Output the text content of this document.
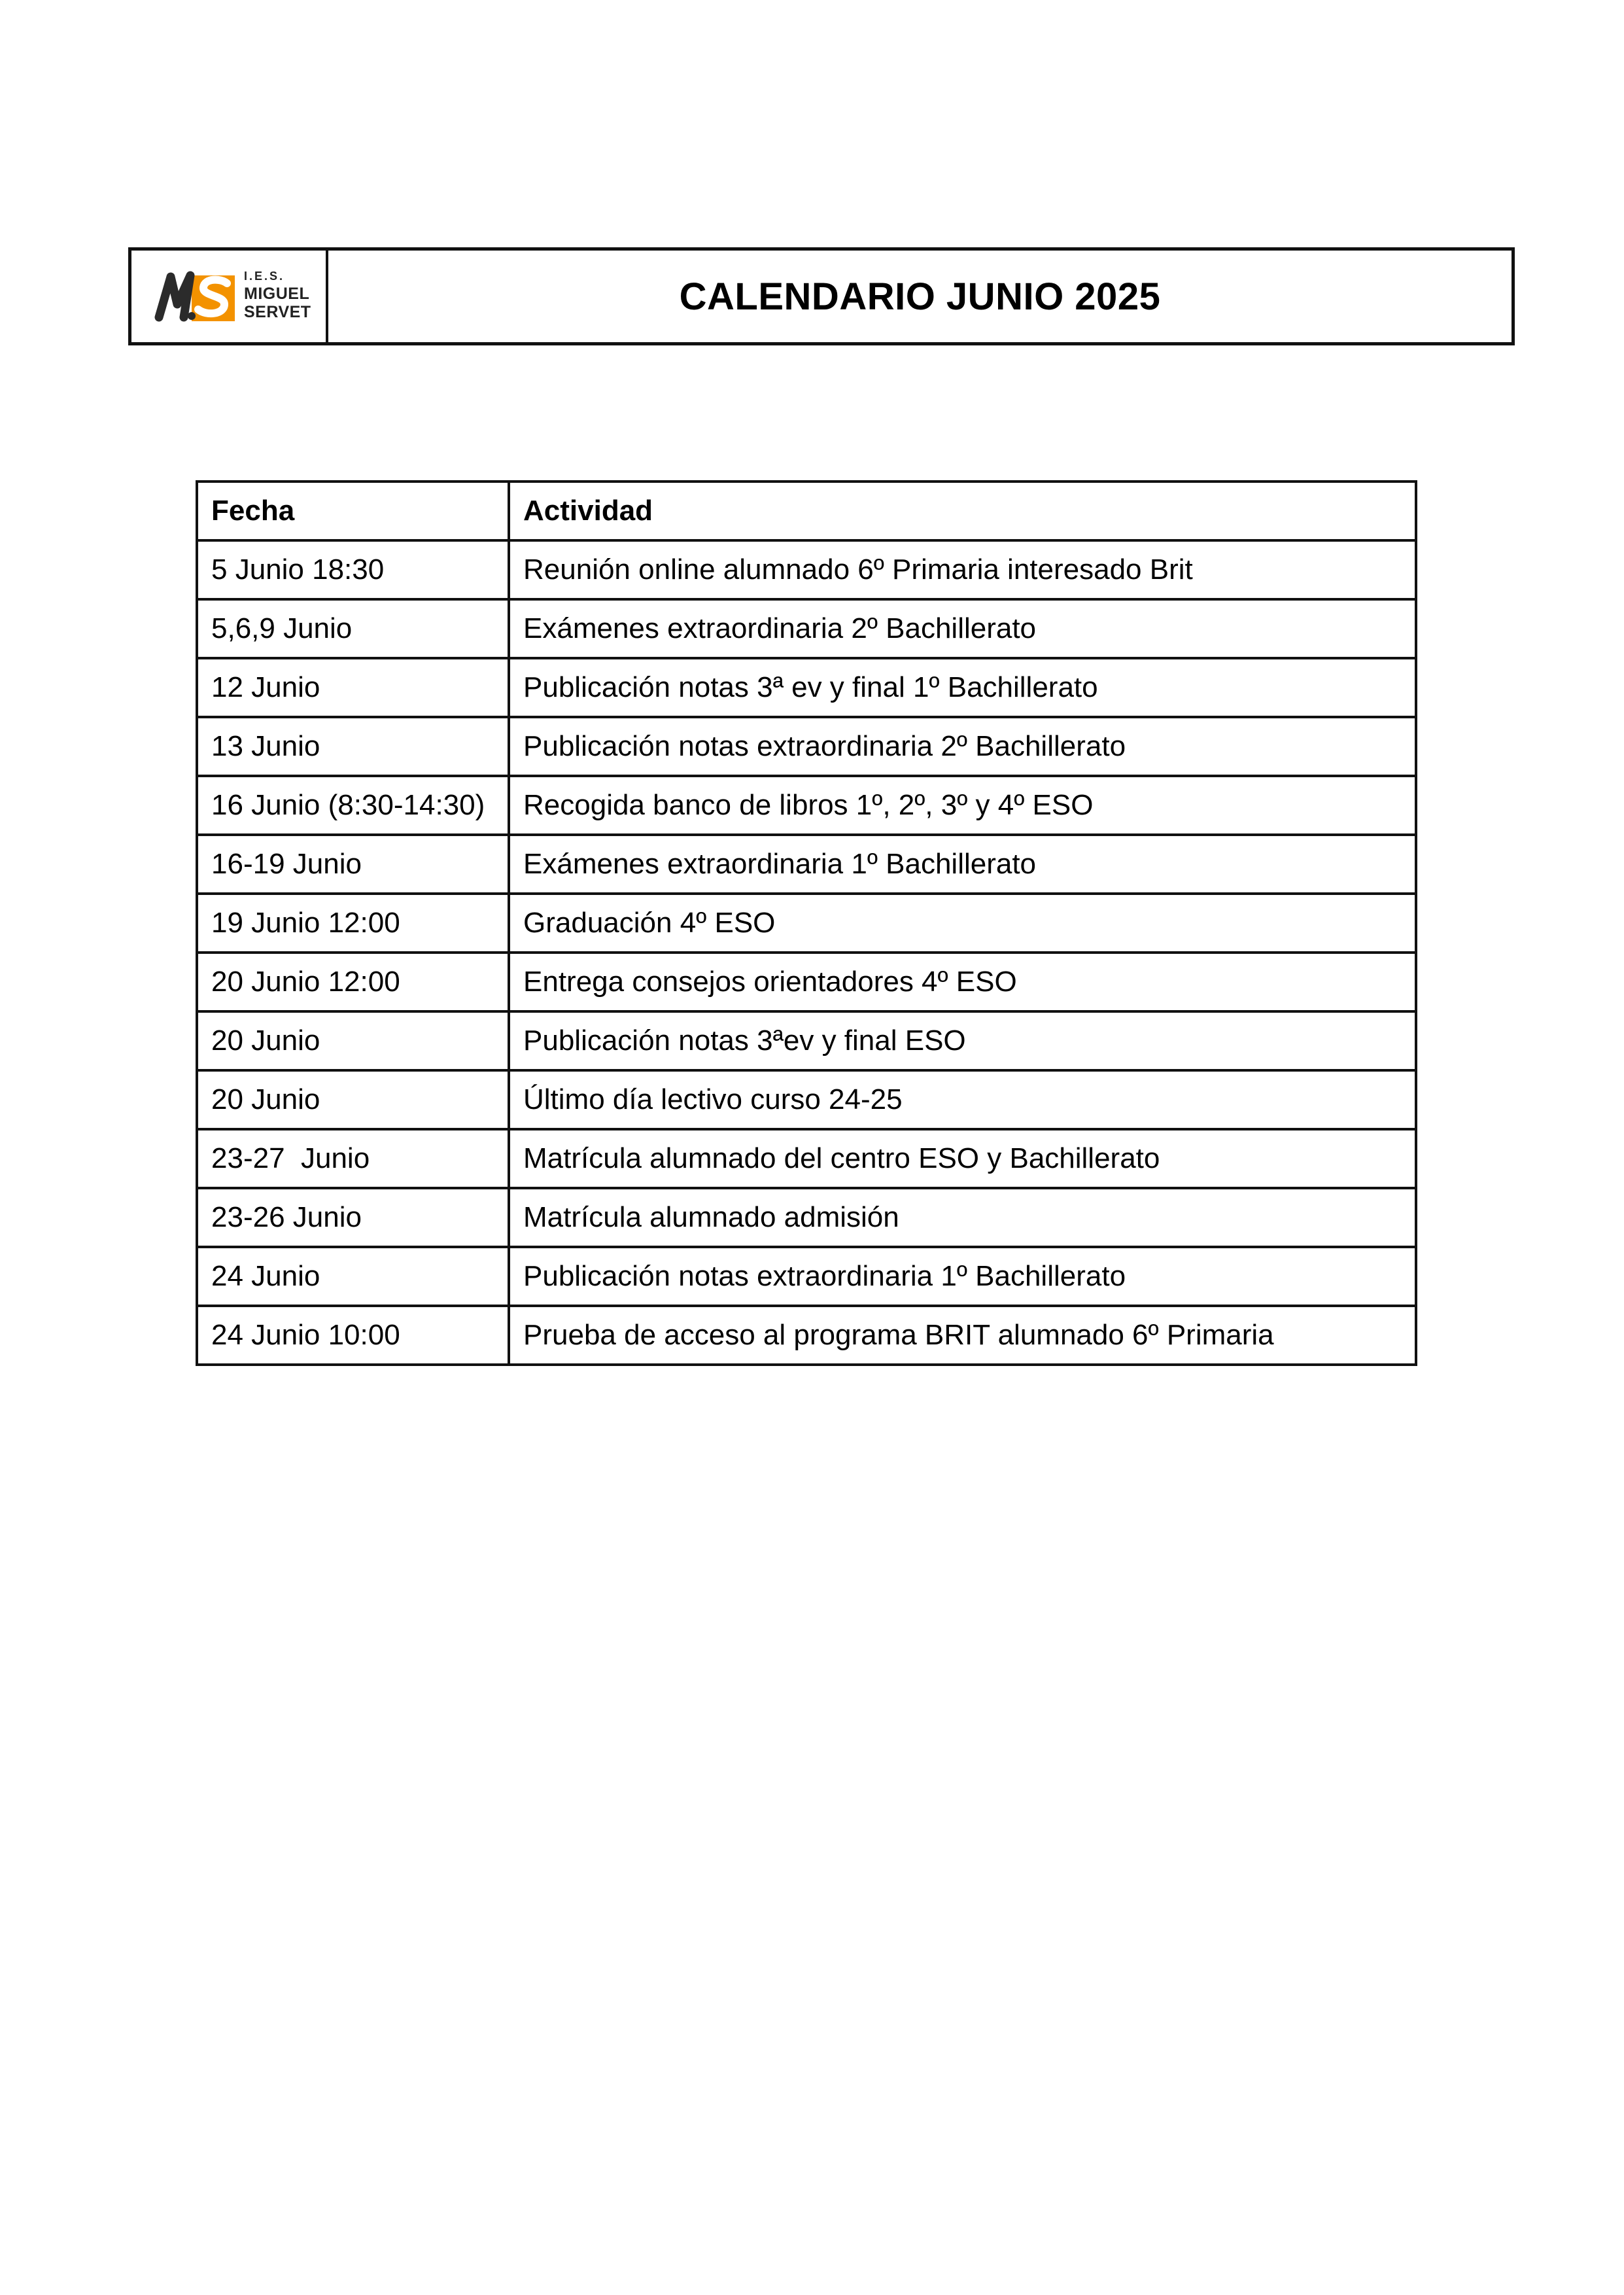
I.E.S.
MIGUEL
SERVET	CALENDARIO JUNIO 2025
Fecha	Actividad
5 Junio 18:30	Reunión online alumnado 6º Primaria interesado Brit
5,6,9 Junio	Exámenes extraordinaria 2º Bachillerato
12 Junio	Publicación notas 3ª ev y final 1º Bachillerato
13 Junio	Publicación notas extraordinaria 2º Bachillerato
16 Junio (8:30-14:30)	Recogida banco de libros 1º, 2º, 3º y 4º ESO
16-19 Junio	Exámenes extraordinaria 1º Bachillerato
19 Junio 12:00	Graduación 4º ESO
20 Junio 12:00	Entrega consejos orientadores 4º ESO
20 Junio	Publicación notas 3ªev y final ESO
20 Junio	Último día lectivo curso 24-25
23-27  Junio	Matrícula alumnado del centro ESO y Bachillerato
23-26 Junio	Matrícula alumnado admisión
24 Junio	Publicación notas extraordinaria 1º Bachillerato
24 Junio 10:00	Prueba de acceso al programa BRIT alumnado 6º Primaria
